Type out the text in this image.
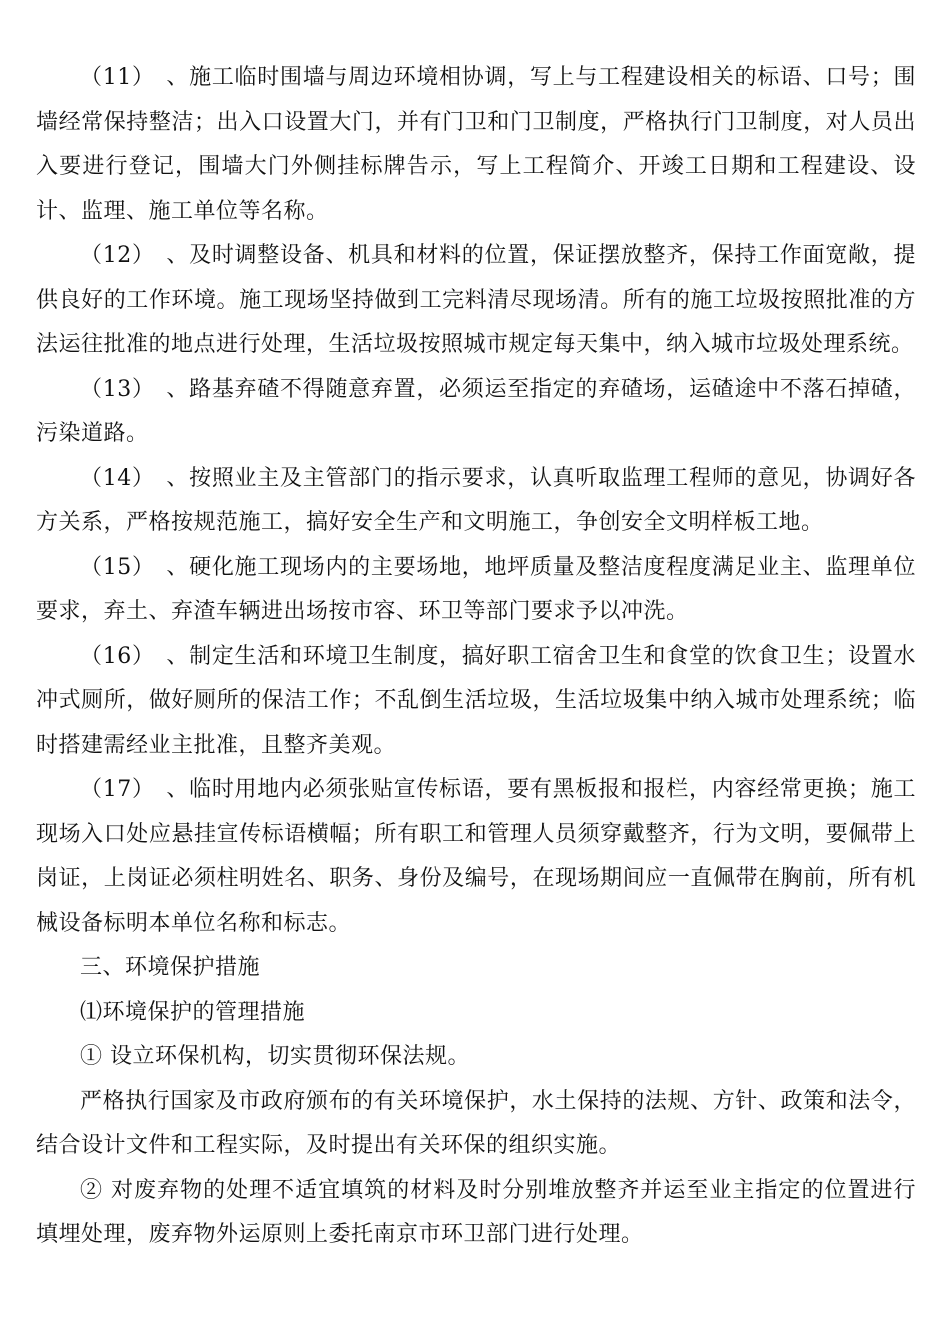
（11）　、施工临时围墙与周边环境相协调，写上与工程建设相关的标语、口号；围墙经常保持整洁；出入口设置大门，并有门卫和门卫制度，严格执行门卫制度，对人员出入要进行登记，围墙大门外侧挂标牌告示，写上工程简介、开竣工日期和工程建设、设计、监理、施工单位等名称。

（12）　、及时调整设备、机具和材料的位置，保证摆放整齐，保持工作面宽敞，提供良好的工作环境。施工现场坚持做到工完料清尽现场清。所有的施工垃圾按照批准的方法运往批准的地点进行处理，生活垃圾按照城市规定每天集中，纳入城市垃圾处理系统。

（13）　、路基弃碴不得随意弃置，必须运至指定的弃碴场，运碴途中不落石掉碴，污染道路。

（14）　、按照业主及主管部门的指示要求，认真听取监理工程师的意见，协调好各方关系，严格按规范施工，搞好安全生产和文明施工，争创安全文明样板工地。

（15）　、硬化施工现场内的主要场地，地坪质量及整洁度程度满足业主、监理单位要求，弃土、弃渣车辆进出场按市容、环卫等部门要求予以冲洗。

（16）　、制定生活和环境卫生制度，搞好职工宿舍卫生和食堂的饮食卫生；设置水冲式厕所，做好厕所的保洁工作；不乱倒生活垃圾，生活垃圾集中纳入城市处理系统；临时搭建需经业主批准，且整齐美观。

（17）　、临时用地内必须张贴宣传标语，要有黑板报和报栏，内容经常更换；施工现场入口处应悬挂宣传标语横幅；所有职工和管理人员须穿戴整齐，行为文明，要佩带上岗证，上岗证必须柱明姓名、职务、身份及编号，在现场期间应一直佩带在胸前，所有机械设备标明本单位名称和标志。

三、环境保护措施

⑴环境保护的管理措施

① 设立环保机构，切实贯彻环保法规。

严格执行国家及市政府颁布的有关环境保护，水土保持的法规、方针、政策和法令，结合设计文件和工程实际，及时提出有关环保的组织实施。

② 对废弃物的处理不适宜填筑的材料及时分别堆放整齐并运至业主指定的位置进行填埋处理，废弃物外运原则上委托南京市环卫部门进行处理。
